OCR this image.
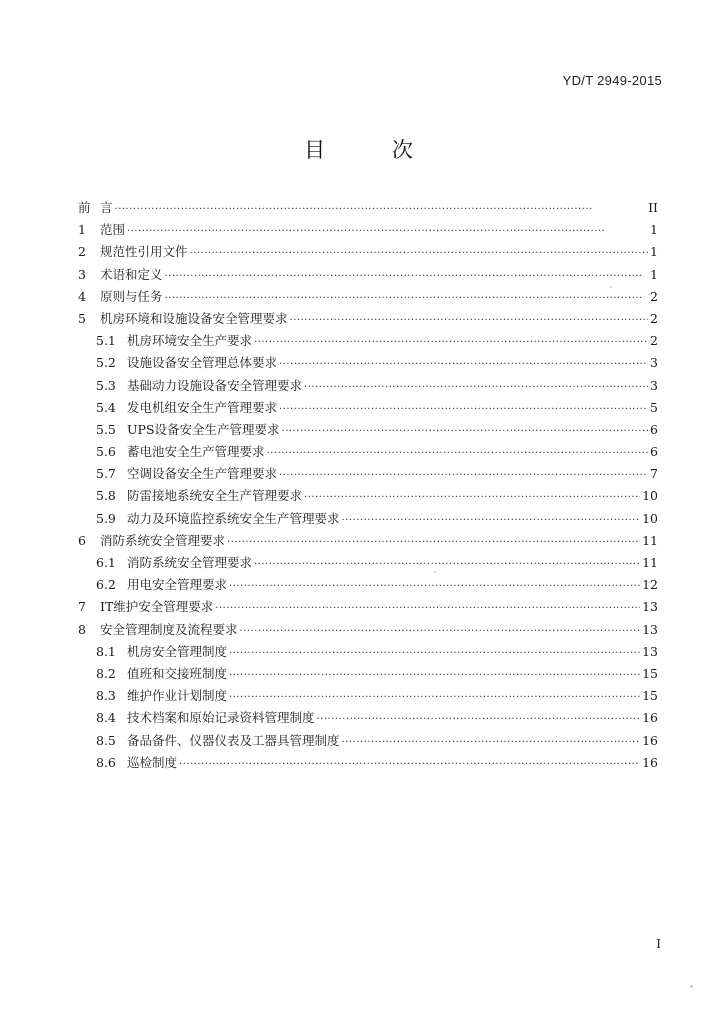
YD/T 2949-2015
目 次
前 言 ·····	II
1	范围 ·····	1
2	规范性引用文件 ·····	1
3	术语和定义 ·····	1
4	原则与任务 ·····	2
5	机房环境和设施设备安全管理要求 ·····	2
5.1 机房环境安全生产要求 ·····	2
5.2 设施设备安全管理总体要求 ·····	3
5.3 基础动力设施设备安全管理要求 ·····	3
5.4 发电机组安全生产管理要求 ·····	5
5.5 UPS设备安全生产管理要求 ·····	6
5.6 蓄电池安全生产管理要求 ·····	6
5.7 空调设备安全生产管理要求 ·····	7
5.8 防雷接地系统安全生产管理要求 ·····	10
5.9 动力及环境监控系统安全生产管理要求 ·····	10
6	消防系统安全管理要求 ·····	11
6.1 消防系统安全管理要求 ·····	11
6.2 用电安全管理要求 ·····	12
7	IT维护安全管理要求 ·····	13
8	安全管理制度及流程要求 ·····	13
8.1 机房安全管理制度 ·····	13
8.2 值班和交接班制度 ·····	15
8.3 维护作业计划制度 ·····	15
8.4 技术档案和原始记录资料管理制度 ·····	16
8.5 备品备件、仪器仪表及工器具管理制度 ·····	16
8.6 巡检制度 ·····	16
I
